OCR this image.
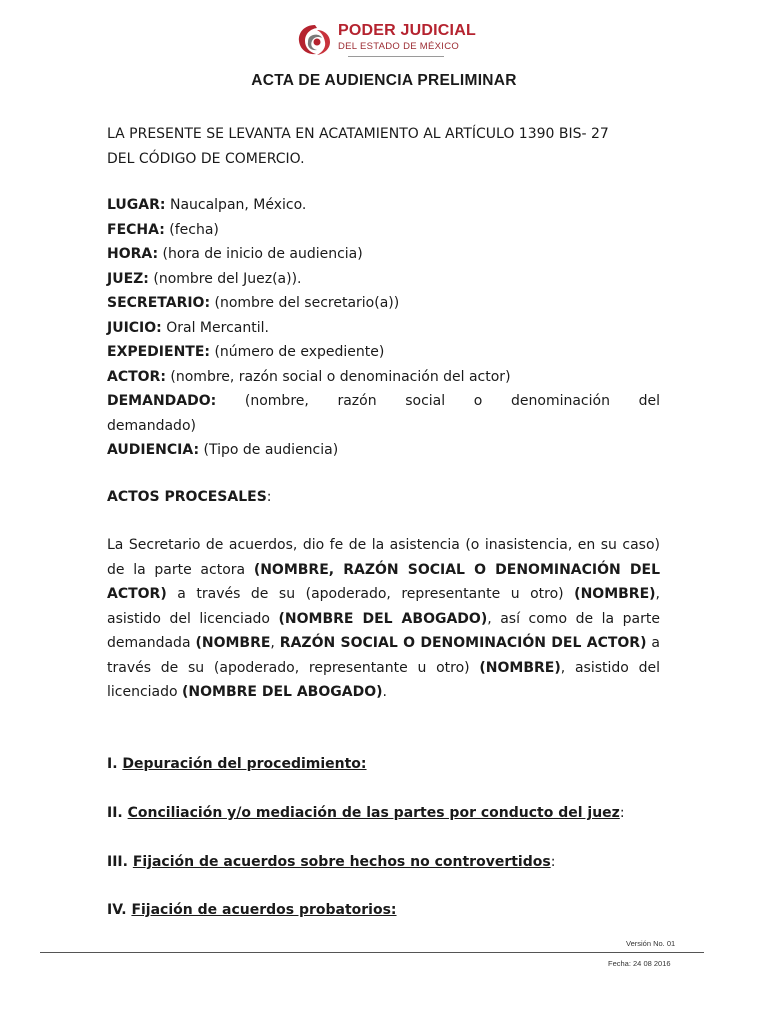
PODER JUDICIAL
DEL ESTADO DE MÉXICO
ACTA DE AUDIENCIA PRELIMINAR
LA PRESENTE SE LEVANTA EN ACATAMIENTO AL ARTÍCULO 1390 BIS- 27
DEL CÓDIGO DE COMERCIO.
LUGAR: Naucalpan, México.
FECHA: (fecha)
HORA: (hora de inicio de audiencia)
JUEZ: (nombre del Juez(a)).
SECRETARIO: (nombre del secretario(a))
JUICIO: Oral Mercantil.
EXPEDIENTE: (número de expediente)
ACTOR: (nombre, razón social o denominación del actor)
DEMANDADO: (nombre, razón social o denominación del
demandado)
AUDIENCIA: (Tipo de audiencia)
ACTOS PROCESALES:
La Secretario de acuerdos, dio fe de la asistencia (o inasistencia, en su caso) de la parte actora (NOMBRE, RAZÓN SOCIAL O DENOMINACIÓN DEL ACTOR) a través de su (apoderado, representante u otro) (NOMBRE), asistido del licenciado (NOMBRE DEL ABOGADO), así como de la parte demandada (NOMBRE, RAZÓN SOCIAL O DENOMINACIÓN DEL ACTOR) a través de su (apoderado, representante u otro) (NOMBRE), asistido del licenciado (NOMBRE DEL ABOGADO).
I. Depuración del procedimiento:
II. Conciliación y/o mediación de las partes por conducto del juez:
III. Fijación de acuerdos sobre hechos no controvertidos:
IV. Fijación de acuerdos probatorios:
Versión No. 01
Fecha: 24 08 2016
